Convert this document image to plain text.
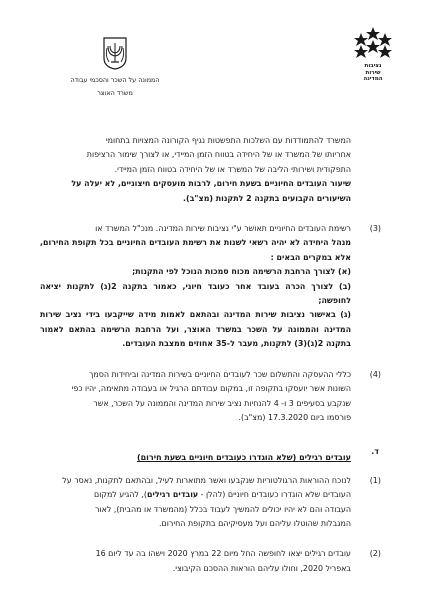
נציבות
שירות
המדינה
הממונה על השכר והסכמי עבודה
משרד האוצר

המשרד להתמודדות עם השלכות התפשטות נגיף הקורונה המצויות בתחומי

אחריותו של המשרד או של היחידה בטווח הזמן המיידי, או לצורך שימור הרציפות

התפקודית ושירותי הליבה של המשרד או של היחידה בטווח הזמן המיידי.

שיעור העובדים החיוניים בשעת חירום, לרבות מועסקים חיצוניים, לא יעלה על

השיעורים הקבועים בתקנה 2 לתקנות (מצ"ב).

(3)

רשימת העובדים החיוניים תאושר ע"י נציבות שירות המדינה. מנכ"ל המשרד או

מנהל היחידה לא יהיה רשאי לשנות את רשימת העובדים החיוניים בכל תקופת החירום, אלא במקרים הבאים :

(א) לצורך הרחבת הרשימה מכוח סמכות הנוכל לפי התקנות;

(ב) לצורך הכרה בעובד אחר כעובד חיוני, כאמור בתקנה 2(ג) לתקנות יציאה לחופשה;

(ג) באישור נציבות שירות המדינה ובהתאם לאמות מידה שייקבעו בידי נציב שירות המדינה והממונה על השכר במשרד האוצר, ועל הרחבת הרשימה בהתאם לאמור בתקנה 2(ג)(3) לתקנות, מעבר ל-35 אחוזים ממצבת העובדים.

(4)

כללי ההעסקה והתשלום שכר לעובדים החיוניים בשירות המדינה וביחידות הסמך

השונות אשר יועסקו בתקופה זו, במקום עבודתם הרגיל או בעבודה מתאימה, יהיו כפי

שנקבע בסעיפים 3 ו- 4 להנחיות נציב שירות המדינה והממונה על השכר, אשר

פורסמו ביום 17.3.2020 (מצ"ב).

ד.
עובדים רגילים (שלא הוגדרו כעובדים חיוניים בשעת חירום)
(1)

לנוכח ההוראות הרגולטוריות שנקבעו ואשר מתוארות לעיל, ובהתאם לתקנות, נאסר על

העובדים שלא הוגדרו כעובדים חיוניים (להלן - עובדים רגילים), להגיע למקום

העבודה והם לא יהיו יכולים להמשיך לעבוד בכלל (מהמשרד או מהבית), לאור

המגבלות שהוטלו עליהם ועל מעסיקיהם בתקופת החירום.

(2)

עובדים רגילים יצאו לחופשה החל מיום 22 במרץ 2020 וישהו בה עד ליום 16

באפריל 2020, וחולו עליהם הוראות ההסכם הקיבוצי.
